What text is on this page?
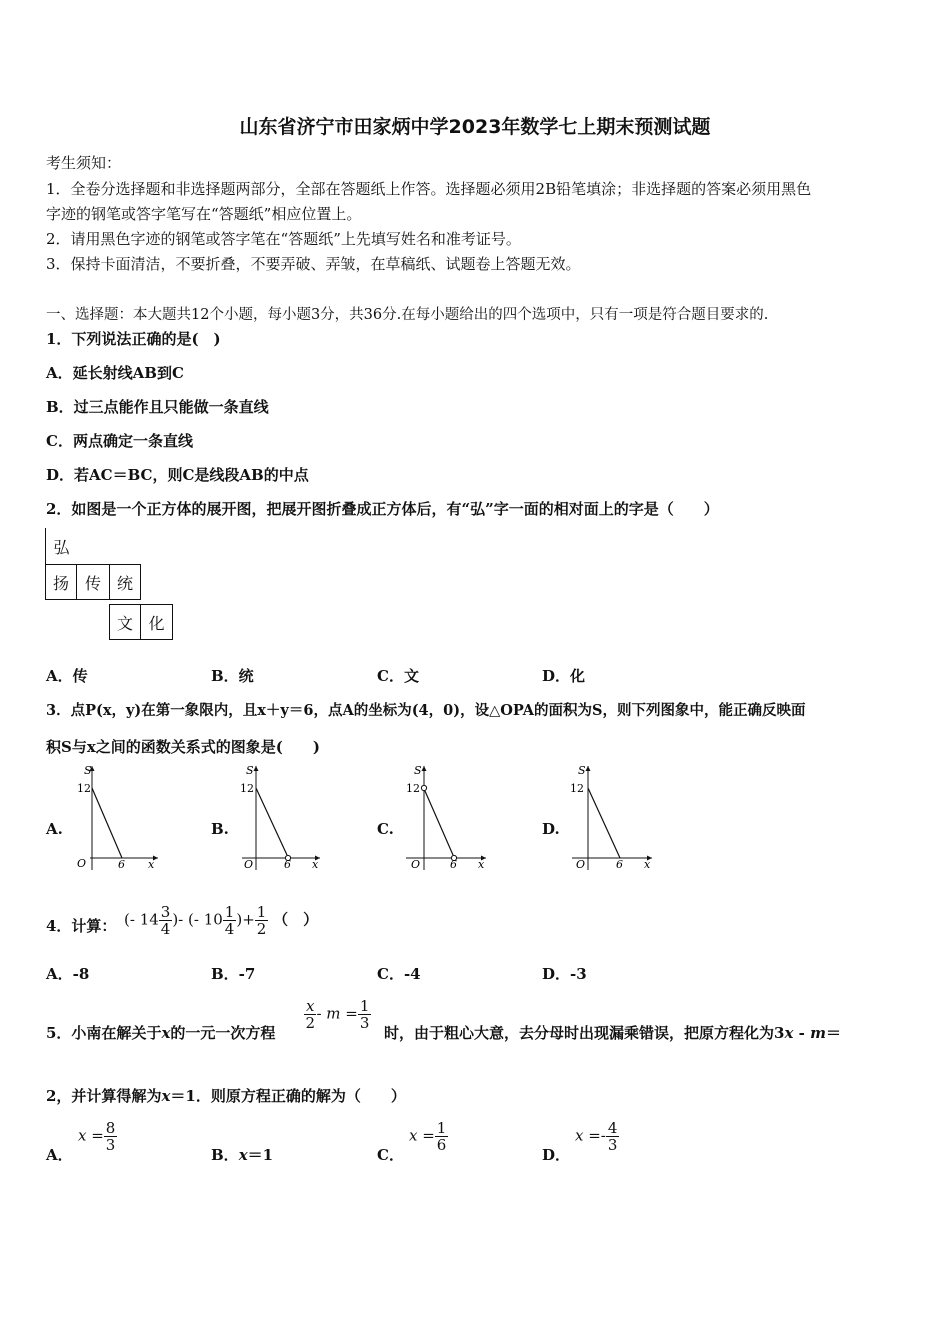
山东省济宁市田家炳中学2023年数学七上期末预测试题
考生须知：
1．全卷分选择题和非选择题两部分，全部在答题纸上作答。选择题必须用2B铅笔填涂；非选择题的答案必须用黑色
字迹的钢笔或答字笔写在“答题纸”相应位置上。
2．请用黑色字迹的钢笔或答字笔在“答题纸”上先填写姓名和准考证号。
3．保持卡面清洁，不要折叠，不要弄破、弄皱，在草稿纸、试题卷上答题无效。
一、选择题：本大题共12个小题，每小题3分，共36分.在每小题给出的四个选项中，只有一项是符合题目要求的.
1．下列说法正确的是(　)
A．延长射线AB到C
B．过三点能作且只能做一条直线
C．两点确定一条直线
D．若AC＝BC，则C是线段AB的中点
2．如图是一个正方体的展开图，把展开图折叠成正方体后，有“弘”字一面的相对面上的字是（　　）
弘
扬 传 统
文 化
A．传	B．统	C．文	D．化
3．点P(x，y)在第一象限内，且x＋y＝6，点A的坐标为(4，0)，设△OPA的面积为S，则下列图象中，能正确反映面
积S与x之间的函数关系式的图象是(　　)
A.	B.	C.	D.
S
12
O	6 x
S
12
O	6 x
S
12
O	6 x
S
12
O	6 x
4．计算： (- $14 \frac{3}{4}$ )- (- $10 \frac{1}{4}$ )+ $\frac{1}{2}$ （　）
A．-8	B．-7	C．-4	D．-3
5．小南在解关于x的一元一次方程
$\frac{x}{2} - m = \frac{1}{3}$
时，由于粗心大意，去分母时出现漏乘错误，把原方程化为3x - m＝
2，并计算得解为x＝1．则原方程正确的解为（　　）
A．
$x = \frac{8}{3}$
B．x＝1	C．
$x = \frac{1}{6}$
D．
$x =- \frac{4}{3}$
